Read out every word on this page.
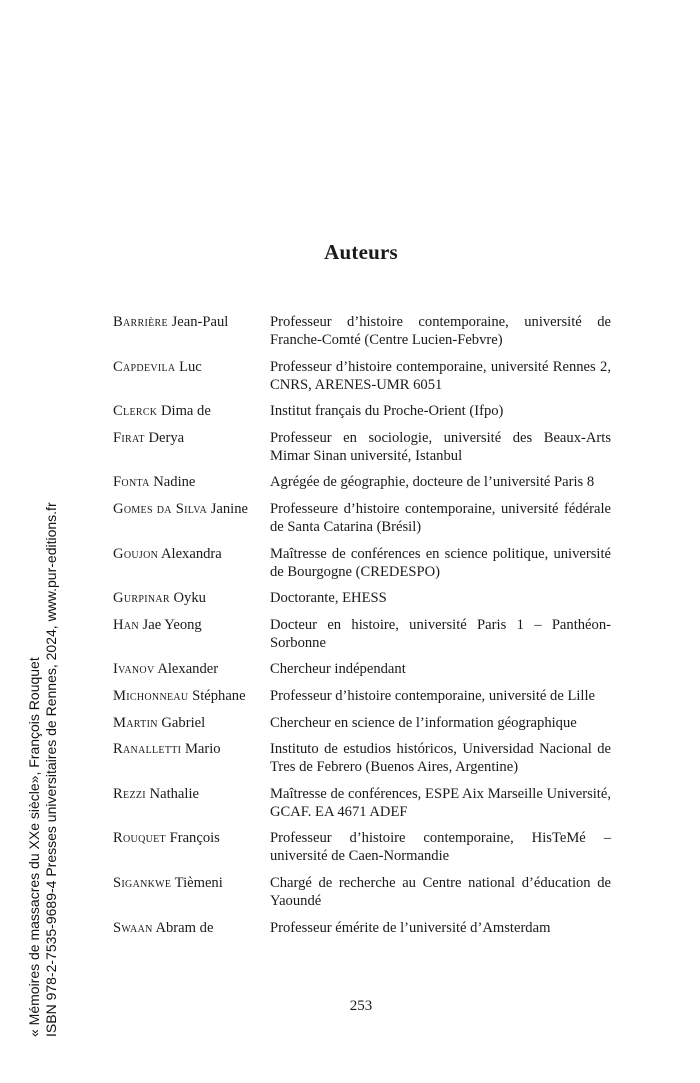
Auteurs
Barrière Jean-Paul	Professeur d’histoire contemporaine, université de Franche-Comté (Centre Lucien-Febvre)
Capdevila Luc	Professeur d’histoire contemporaine, université Rennes 2, CNRS, ARENES-UMR 6051
Clerck Dima de	Institut français du Proche-Orient (Ifpo)
Firat Derya	Professeur en sociologie, université des Beaux-Arts Mimar Sinan université, Istanbul
Fonta Nadine	Agrégée de géographie, docteure de l’université Paris 8
Gomes da Silva Janine	Professeure d’histoire contemporaine, université fédérale de Santa Catarina (Brésil)
Goujon Alexandra	Maîtresse de conférences en science politique, université de Bourgogne (CREDESPO)
Gurpinar Oyku	Doctorante, EHESS
Han Jae Yeong	Docteur en histoire, université Paris 1 – Panthéon-Sorbonne
Ivanov Alexander	Chercheur indépendant
Michonneau Stéphane	Professeur d’histoire contemporaine, université de Lille
Martin Gabriel	Chercheur en science de l’information géographique
Ranalletti Mario	Instituto de estudios históricos, Universidad Nacional de Tres de Febrero (Buenos Aires, Argentine)
Rezzi Nathalie	Maîtresse de conférences, ESPE Aix Marseille Université, GCAF. EA 4671 ADEF
Rouquet François	Professeur d’histoire contemporaine, HisTeMé – université de Caen-Normandie
Sigankwe Tièmeni	Chargé de recherche au Centre national d’éducation de Yaoundé
Swaan Abram de	Professeur émérite de l’université d’Amsterdam
253
« Mémoires de massacres du XXe siècle», François Rouquet ISBN 978-2-7535-9689-4 Presses universitaires de Rennes, 2024, www.pur-editions.fr
